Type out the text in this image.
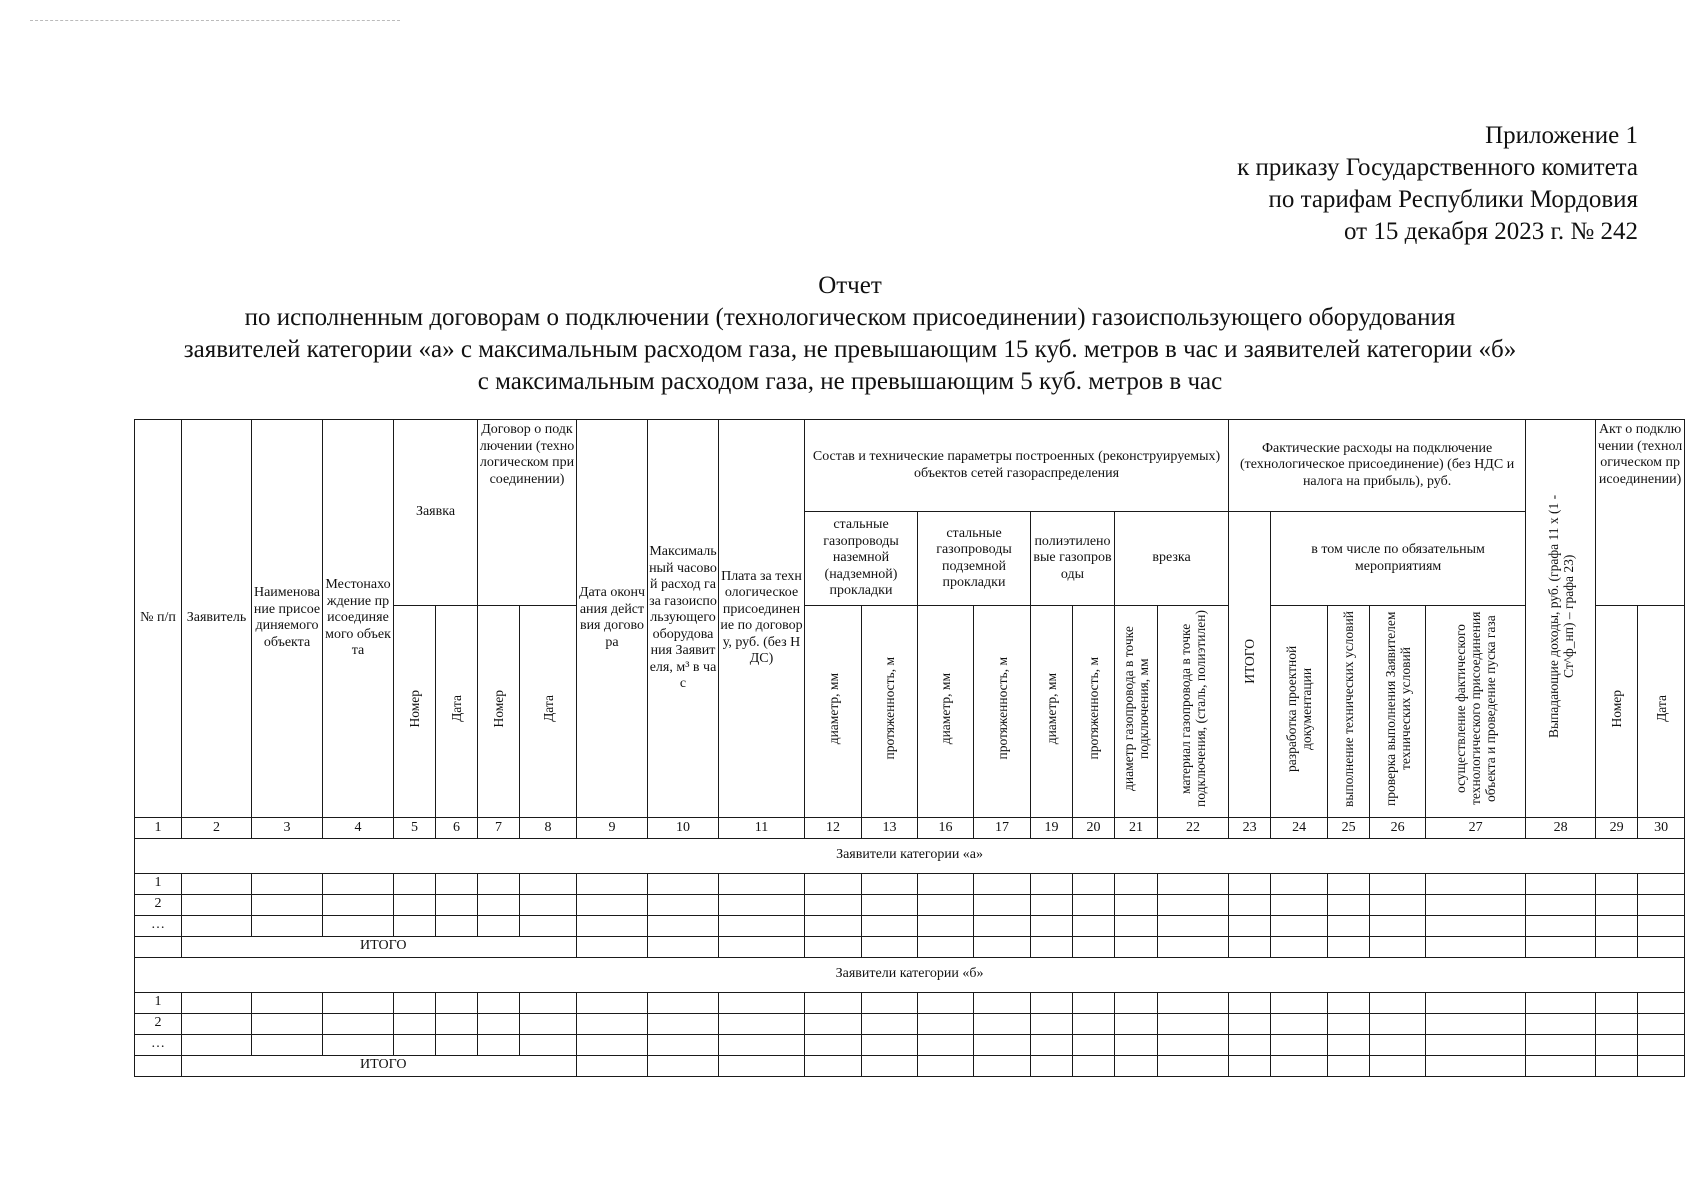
Приложение 1
к приказу Государственного комитета
по тарифам Республики Мордовия
от 15 декабря 2023 г. № 242
Отчет
по исполненным договорам о подключении (технологическом присоединении) газоиспользующего оборудования
заявителей категории «а» с максимальным расходом газа, не превышающим 15 куб. метров в час и заявителей категории «б»
с максимальным расходом газа, не превышающим 5 куб. метров в час
№ п/п	Заявитель	Наименование присоединяемого объекта	Местонахождение присоединяемого объекта	Заявка		Договор о подключении (технологическом присоединении)		Дата окончания действия договора	Максимальный часовой расход газа газоиспользующего оборудования Заявителя, м³ в час	Плата за технологическое присоединение по договору, руб. (без НДС)	Состав и технические параметры построенных (реконструируемых) объектов сетей газораспределения								Фактические расходы на подключение (технологическое присоединение) (без НДС и налога на прибыль), руб.					Выпадающие доходы, руб. (графа 11 х (1 - Ст^ф_нп) – графа 23)	Акт о подключении (технологическом присоединении)		
											стальные газопроводы наземной (надземной) прокладки		стальные газопроводы подземной прокладки		полиэтиленовые газопроводы		врезка		ИТОГО	в том числе по обязательным мероприятиям							
				Номер	Дата	Номер	Дата				диаметр, мм	протяженность, м	диаметр, мм	протяженность, м	диаметр, мм	протяженность, м	диаметр газопровода в точке подключения, мм	материал газопровода в точке подключения, (сталь, полиэтилен)		разработка проектной документации	выполнение технических условий	проверка выполнения Заявителем технических условий	осуществление фактического технологического присоединения объекта и проведение пуска газа		Номер	Дата	
1	2	3	4	5	6	7	8	9	10	11	12	13	16	17	19	20	21	22	23	24	25	26	27	28	29	30	
Заявители категории «а»																											
1																											
2																											
…																											
	ИТОГО																										
Заявители категории «б»																											
1																											
2																											
…																											
	ИТОГО																										
